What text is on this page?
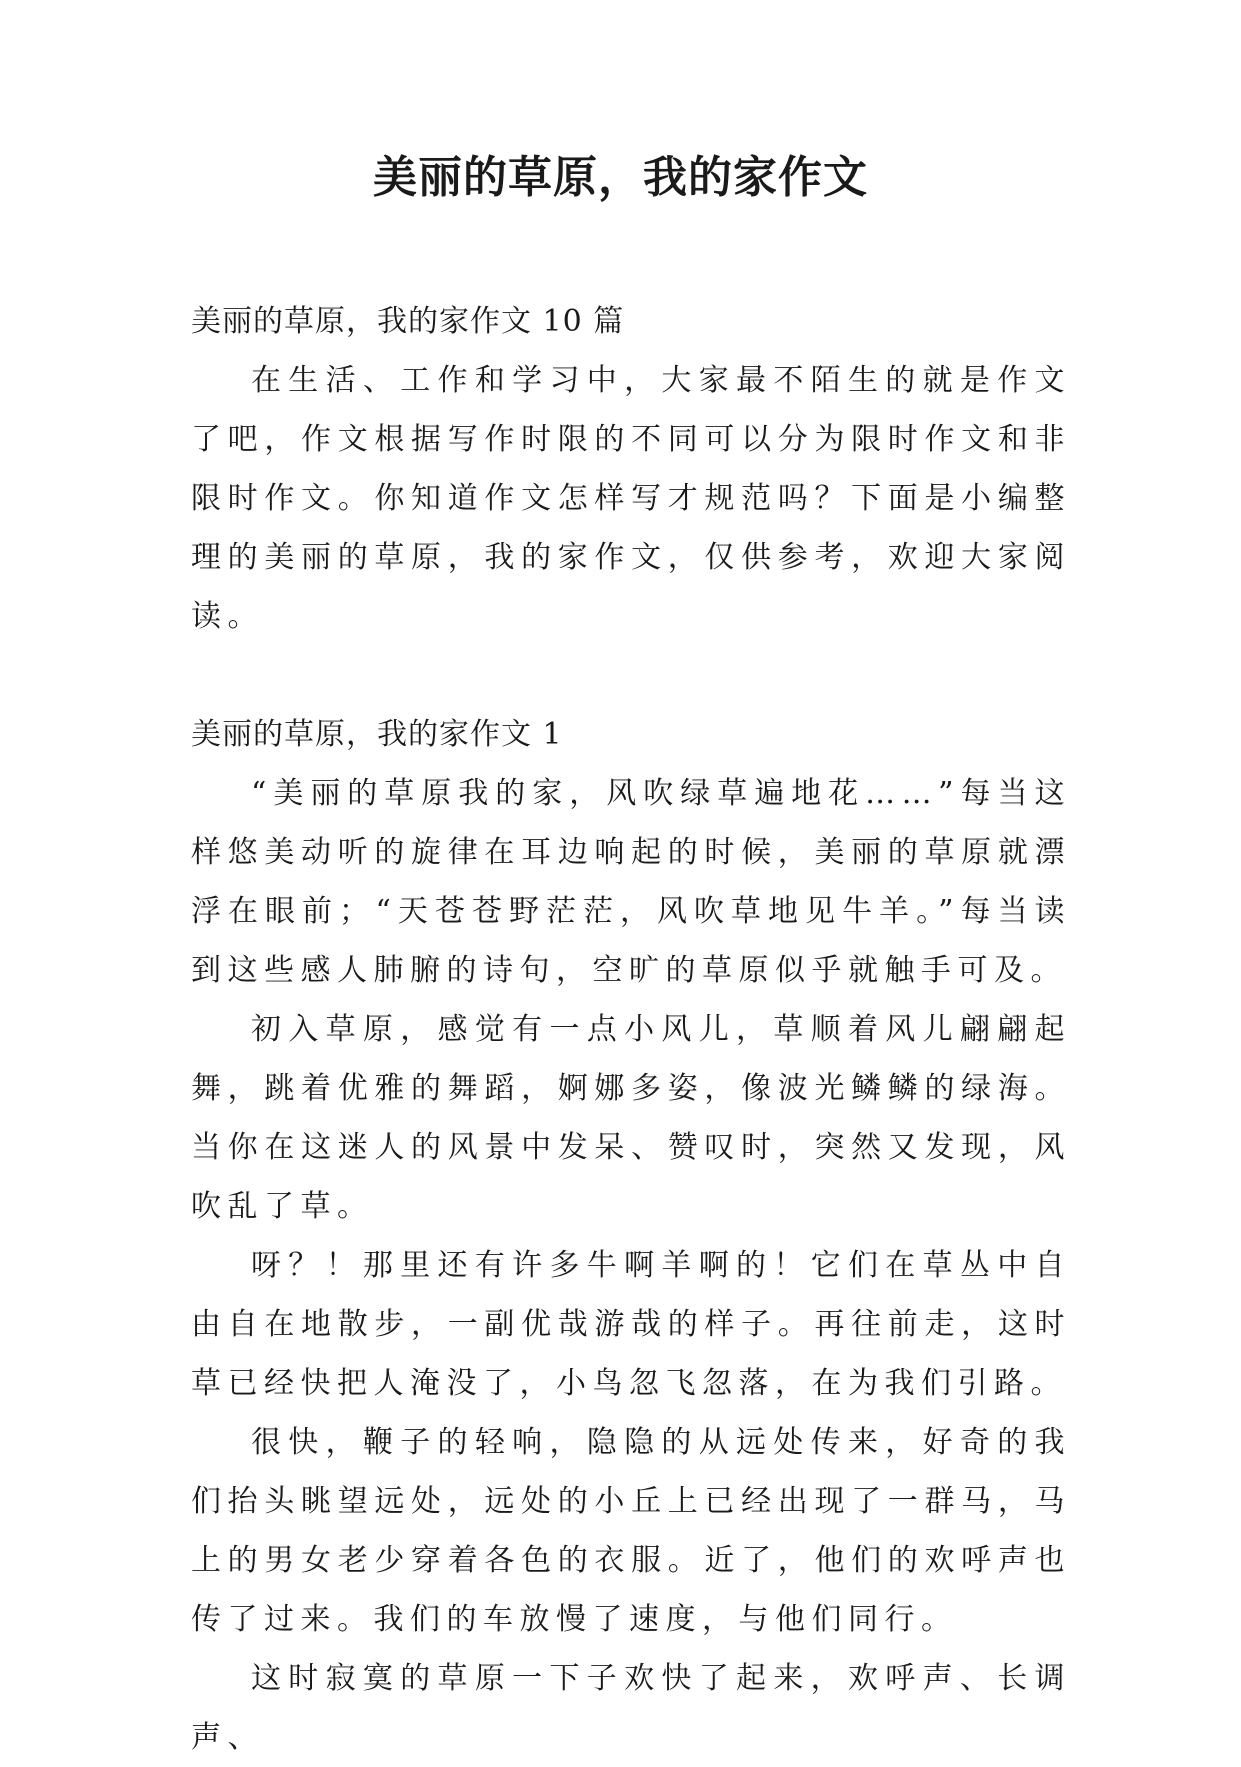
美丽的草原，我的家作文

美丽的草原，我的家作文 10 篇

在生活、工作和学习中，大家最不陌生的就是作文了吧，作文根据写作时限的不同可以分为限时作文和非限时作文。你知道作文怎样写才规范吗？下面是小编整理的美丽的草原，我的家作文，仅供参考，欢迎大家阅读。

美丽的草原，我的家作文 1

“美丽的草原我的家，风吹绿草遍地花……”每当这样悠美动听的旋律在耳边响起的时候，美丽的草原就漂浮在眼前；“天苍苍野茫茫，风吹草地见牛羊。”每当读到这些感人肺腑的诗句，空旷的草原似乎就触手可及。

初入草原，感觉有一点小风儿，草顺着风儿翩翩起舞，跳着优雅的舞蹈，婀娜多姿，像波光鳞鳞的绿海。当你在这迷人的风景中发呆、赞叹时，突然又发现，风吹乱了草。

呀？！那里还有许多牛啊羊啊的！它们在草丛中自由自在地散步，一副优哉游哉的样子。再往前走，这时草已经快把人淹没了，小鸟忽飞忽落，在为我们引路。

很快，鞭子的轻响，隐隐的从远处传来，好奇的我们抬头眺望远处，远处的小丘上已经出现了一群马，马上的男女老少穿着各色的衣服。近了，他们的欢呼声也传了过来。我们的车放慢了速度，与他们同行。

这时寂寞的草原一下子欢快了起来，欢呼声、长调声、
